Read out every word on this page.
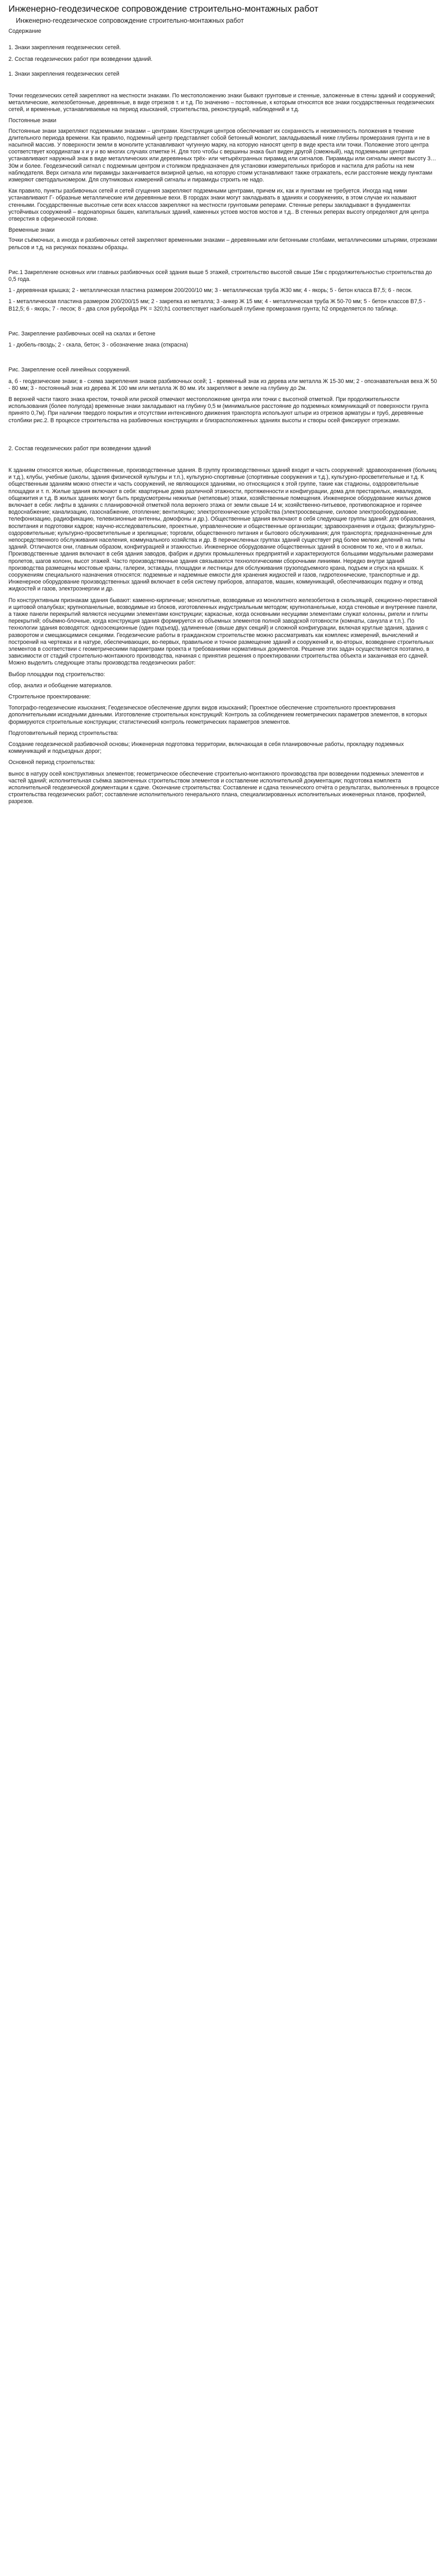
Инженерно-геодезическое сопровождение строительно-монтажных работ
Инженерно-геодезическое сопровождение строительно-монтажных работ
Содержание
1. Знаки закрепления геодезических сетей.
2. Состав геодезических работ при возведении зданий.
1. Знаки закрепления геодезических сетей

Точки геодезических сетей закрепляют на местности знаками. По местоположению знаки бывают грунтовые и стенные, заложенные в стены зданий и сооружений; металлические, железобетонные, деревянные, в виде отрезков т. и т.д. По значению – постоянные, к которым относятся все знаки государственных геодезических сетей, и временные, устанавливаемые на период изысканий, строительства, реконструкций, наблюдений и т.д.

Постоянные знаки

Постоянные знаки закрепляют подземными знаками – центрами. Конструкция центров обеспечивает их сохранность и неизменность положения в течение длительного периода времени. Как правило, подземный центр представляет собой бетонный монолит, закладываемый ниже глубины промерзания грунта и не в насыпной массив. У поверхности земли в монолите устанавливают чугунную марку, на которую наносят центр в виде креста или точки. Положение этого центра соответствует координатам х и у и во многих случаях отметке Н. Для того чтобы с вершины знака был виден другой (смежный), над подземными центрами устанавливают наружный знак в виде металлических или деревянных трёх- или четырёхгранных пирамид или сигналов. Пирамиды или сигналы имеют высоту 3…30м и более. Геодезический сигнал с подземным центром и столиком предназначен для установки измерительных приборов и настила для работы на нем наблюдателя. Верх сигнала или пирамиды заканчивается визирной целью, на которую стоим устанавливают также отражатель, если расстояние между пунктами измеряют светодальномером. Для спутниковых измерений сигналы и пирамиды строить не надо.

Как правило, пункты разбивочных сетей и сетей сгущения закрепляют подземными центрами, причем их, как и пунктами не требуется. Иногда над ними устанавливают Г- образные металлические или деревянные вехи. В городах знаки могут закладывать в зданиях и сооружениях, в этом случае их называют стенными. Государственные высотные сети всех классов закрепляют на местности грунтовыми реперами. Стенные реперы закладывают в фундаментах устойчивых сооружений – водонапорных башен, капитальных зданий, каменных устоев мостов мостов и т.д.. В стенных реперах высоту определяют для центра отверстия в сферической головке.

Временные знаки

Точки съёмочных, а иногда и разбивочных сетей закрепляют временными знаками – деревянными или бетонными столбами, металлическими штырями, отрезками рельсов и т.д, на рисунках показаны образцы.

Рис.1 Закрепление основных или главных разбивочных осей здания выше 5 этажей, строительство высотой свыше 15м с продолжительностью строительства до 0,5 года.

1 - деревянная крышка; 2 - металлическая пластина размером 200/200/10 мм; 3 - металлическая труба Ж30 мм; 4 - якорь; 5 - бетон класса В7,5; 6 - песок.

1 - металлическая пластина размером 200/200/15 мм; 2 - закрепка из металла; 3 -анкер Ж 15 мм; 4 - металлическая труба Ж 50-70 мм; 5 - бетон классов В7,5 - В12,5; 6 - якорь; 7 - песок; 8 - два слоя руберойда РК = 320;h1 соответствует наибольшей глубине промерзания грунта; h2 определяется по таблице.

Рис. Закрепление разбивочных осей на скалах и бетоне

1 - дюбель-гвоздь; 2 - скала, бетон; 3 - обозначение знака (открасна)

Рис. Закрепление осей линейных сооружений.

а, б - геодезические знаки; в - схема закрепления знаков разбивочных осей; 1 - временный знак из дерева или металла Ж 15-30 мм; 2 - опознавательная веха Ж 50 - 80 мм; 3 - постоянный знак из дерева Ж 100 мм или металла Ж 80 мм. Их закрепляют в земле на глубину до 2м.

В верхней части такого знака крестом, точкой или риской отмечают местоположение центра или точки с высотной отметкой. При продолжительности использования (более полугода) временные знаки закладывают на глубину 0,5 м (минимальное расстояние до подземных коммуникаций от поверхности грунта принято 0,7м). При наличии твердого покрытия и отсутствии интенсивного движения транспорта используют штыри из отрезков арматуры и труб, деревянные столбики рис.2. В процессе строительства на разбивочных конструкциях и близрасположенных зданиях высоты и створы осей фиксируют отрезками.

2. Состав геодезических работ при возведении зданий

К зданиям относятся жилые, общественные, производственные здания. В группу производственных зданий входит и часть сооружений: здравоохранения (больниц и т.д.), клубы, учебные (школы, здания физической культуры и т.п.), культурно-спортивные (спортивные сооружения и т.д.), культурно-просветительные и т.д. К общественным зданиям можно отнести и часть сооружений, не являющихся зданиями, но относящихся к этой группе, такие как стадионы, оздоровительные площадки и т. п. Жилые здания включают в себя: квартирные дома различной этажности, протяженности и конфигурации, дома для престарелых, инвалидов, общежития и т.д. В жилых зданиях могут быть предусмотрены нежилые (нетиповые) этажи, хозяйственные помещения. Инженерное оборудование жилых домов включает в себя: лифты в зданиях с планировочной отметкой пола верхнего этажа от земли свыше 14 м; хозяйственно-питьевое, противопожарное и горячее водоснабжение; канализацию, газоснабжение, отопление; вентиляцию; электротехнические устройства (электроосвещение, силовое электрооборудование, телефонизацию, радиофикацию, телевизионные антенны, домофоны и др.). Общественные здания включают в себя следующие группы зданий: для образования, воспитания и подготовки кадров; научно-исследовательские, проектные, управленческие и общественные организации; здравоохранения и отдыха; физкультурно-оздоровительные; культурно-просветительные и зрелищные; торговли, общественного питания и бытового обслуживания; для транспорта; предназначенные для непосредственного обслуживания населения, коммунального хозяйства и др. В перечисленных группах зданий существует ряд более мелких делений на типы зданий. Отличаются они, главным образом, конфигурацией и этажностью. Инженерное оборудование общественных зданий в основном то же, что и в жилых. Производственные здания включают в себя здания заводов, фабрик и других промышленных предприятий и характеризуются большими модульными размерами пролетов, шагов колонн, высот этажей. Часто производственные здания связываются технологическими сборочными линиями. Нередко внутри зданий производства размещены мостовые краны, галереи, эстакады, площадки и лестницы для обслуживания грузоподъемного крана, подъем и спуск на крышах. К сооружениям специального назначения относятся: подземные и надземные емкости для хранения жидкостей и газов, гидротехнические, транспортные и др. Инженерное оборудование производственных зданий включает в себя систему приборов, аппаратов, машин, коммуникаций, обеспечивающих подачу и отвод жидкостей и газов, электроэнергии и др.

По конструктивным признакам здания бывают: каменно-кирпичные; монолитные, возводимые из монолитного железобетона в скользящей, секционно-переставной и щитовой опалубках; крупнопанельные, возводимые из блоков, изготовленных индустриальным методом; крупнопанельные, когда стеновые и внутренние панели, а также панели перекрытий являются несущими элементами конструкции; каркасные, когда основными несущими элементами служат колонны, ригели и плиты перекрытий; объёмно-блочные, когда конструкция здания формируется из объемных элементов полной заводской готовности (комнаты, санузла и т.п.). По технологии здания возводятся: одноэсекционные (один подъезд), удлиненные (свыше двух секций) и сложной конфигурации, включая круглые здания, здания с разворотом и смещающимися секциями. Геодезические работы в гражданском строительстве можно рассматривать как комплекс измерений, вычислений и построений на чертежах и в натуре, обеспечивающих, во-первых, правильное и точное размещение зданий и сооружений и, во-вторых, возведение строительных элементов в соответствии с геометрическими параметрами проекта и требованиями нормативных документов. Решение этих задач осуществляется поэтапно, в зависимости от стадий строительно-монтажного производства, начиная с принятия решения о проектировании строительства объекта и заканчивая его сдачей. Можно выделить следующие этапы производства геодезических работ:

Выбор площадки под строительство:

сбор, анализ и обобщение материалов.

Строительное проектирование:

Топографо-геодезические изыскания; Геодезическое обеспечение других видов изысканий; Проектное обеспечение строительного проектирования дополнительными исходными данными. Изготовление строительных конструкций: Контроль за соблюдением геометрических параметров элементов, в которых формируются строительные конструкции; статистический контроль геометрических параметров элементов.

Подготовительный период строительства:

Создание геодезической разбивочной основы; Инженерная подготовка территории, включающая в себя планировочные работы, прокладку подземных коммуникаций и подъездных дорог;

Основной период строительства:

вынос в натуру осей конструктивных элементов; геометрическое обеспечение строительно-монтажного производства при возведении подземных элементов и частей зданий; исполнительная съёмка законченных строительством элементов и составление исполнительной документации; подготовка комплекта исполнительной геодезической документации к сдаче. Окончание строительства: Составление и сдача технического отчёта о результатах, выполненных в процессе строительства геодезических работ; составление исполнительного генерального плана, специализированных исполнительных инженерных планов, профилей, разрезов.
